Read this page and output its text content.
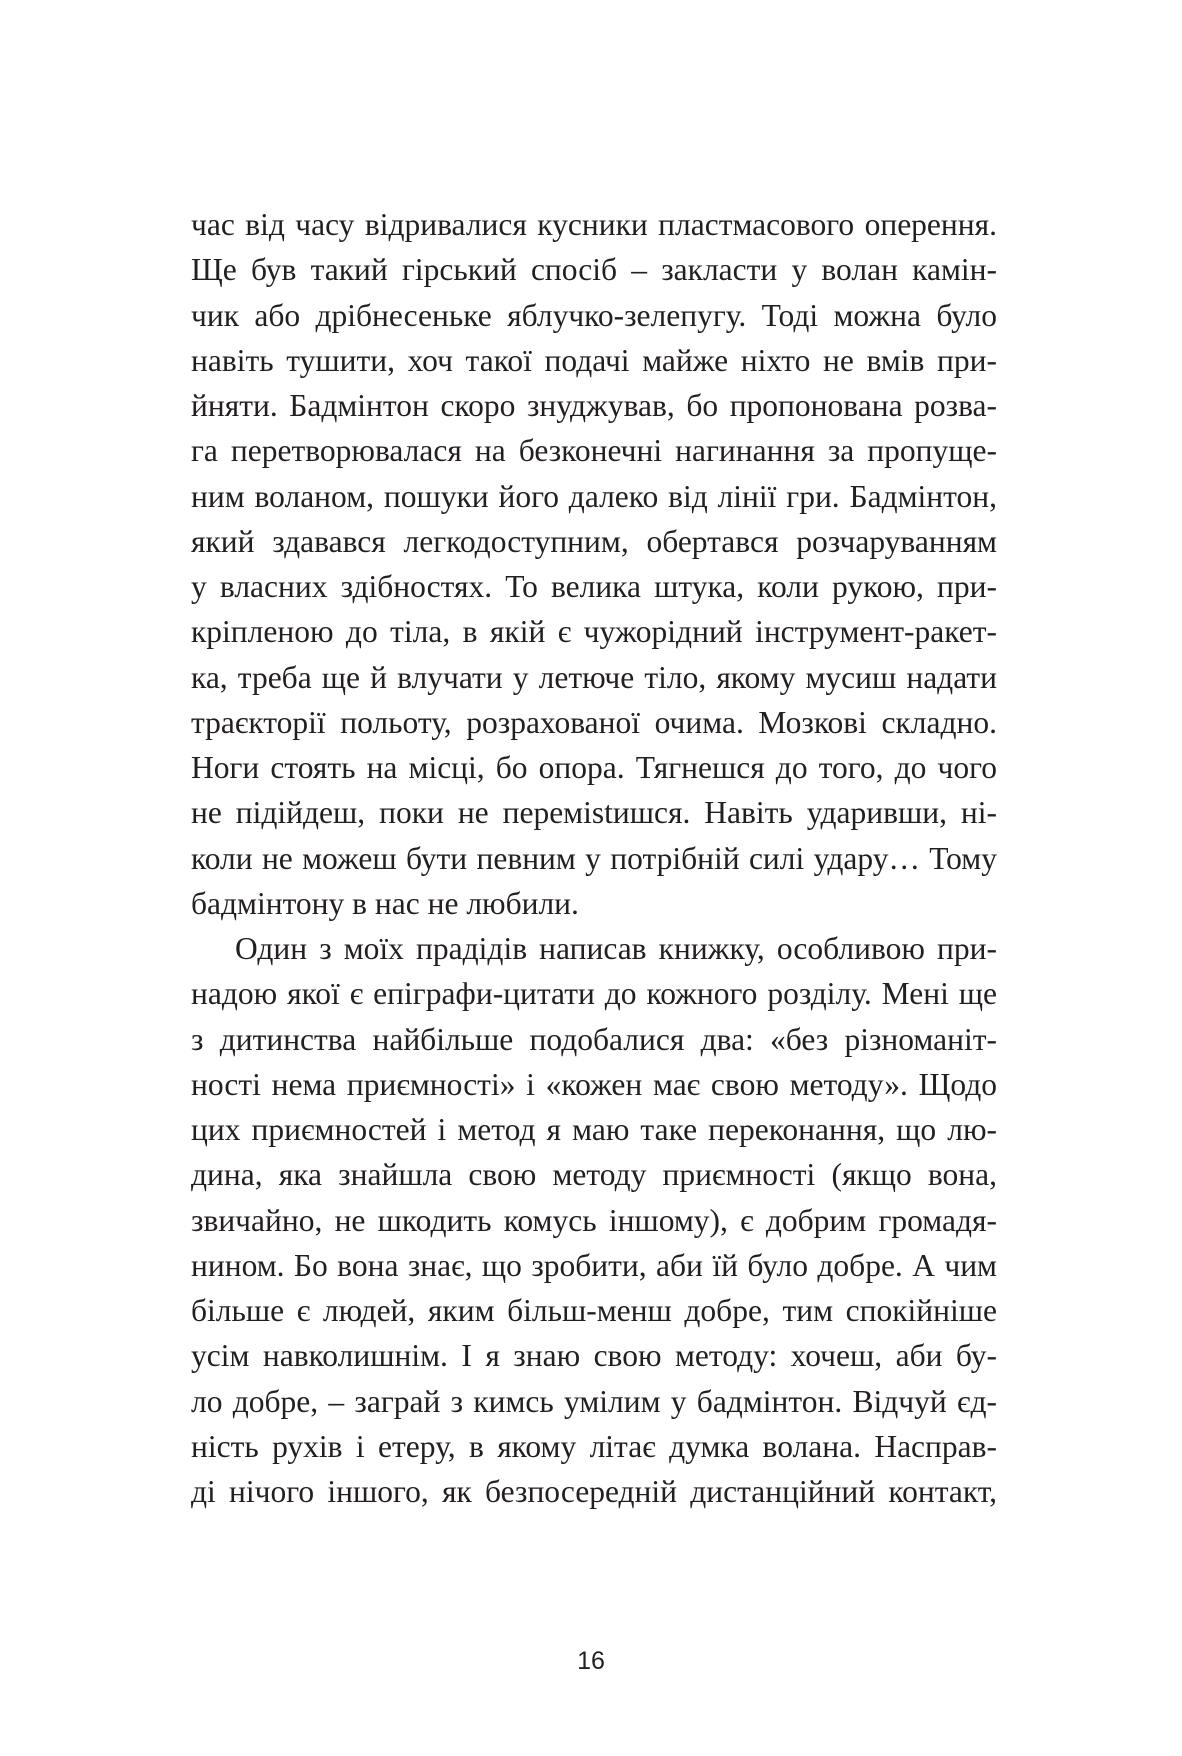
час від часу відривалися кусники пластмасового оперення.
Ще був такий гірський спосіб – закласти у волан камін-
чик або дрібнесеньке яблучко-зелепугу. Тоді можна було
навіть тушити, хоч такої подачі майже ніхто не вмів при-
йняти. Бадмінтон скоро знуджував, бо пропонована розва-
га перетворювалася на безконечні нагинання за пропуще-
ним воланом, пошуки його далеко від лінії гри. Бадмінтон,
який здавався легкодоступним, обертався розчаруванням
у власних здібностях. То велика штука, коли рукою, при-
кріпленою до тіла, в якій є чужорідний інструмент-ракет-
ка, треба ще й влучати у летюче тіло, якому мусиш надати
траєкторії польоту, розрахованої очима. Мозкові складно.
Ноги стоять на місці, бо опора. Тягнешся до того, до чого
не підійдеш, поки не переміstишся. Навіть ударивши, ні-
коли не можеш бути певним у потрібній силі удару… Тому
бадмінтону в нас не любили.
Один з моїх прадідів написав книжку, особливою при-
надою якої є епіграфи-цитати до кожного розділу. Мені ще
з дитинства найбільше подобалися два: «без різноманіт-
ності нема приємності» і «кожен має свою методу». Щодо
цих приємностей і метод я маю таке переконання, що лю-
дина, яка знайшла свою методу приємності (якщо вона,
звичайно, не шкодить комусь іншому), є добрим громадя-
нином. Бо вона знає, що зробити, аби їй було добре. А чим
більше є людей, яким більш-менш добре, тим спокійніше
усім навколишнім. І я знаю свою методу: хочеш, аби бу-
ло добре, – заграй з кимсь умілим у бадмінтон. Відчуй єд-
ність рухів і етеру, в якому літає думка волана. Насправ-
ді нічого іншого, як безпосередній дистанційний контакт,
16
